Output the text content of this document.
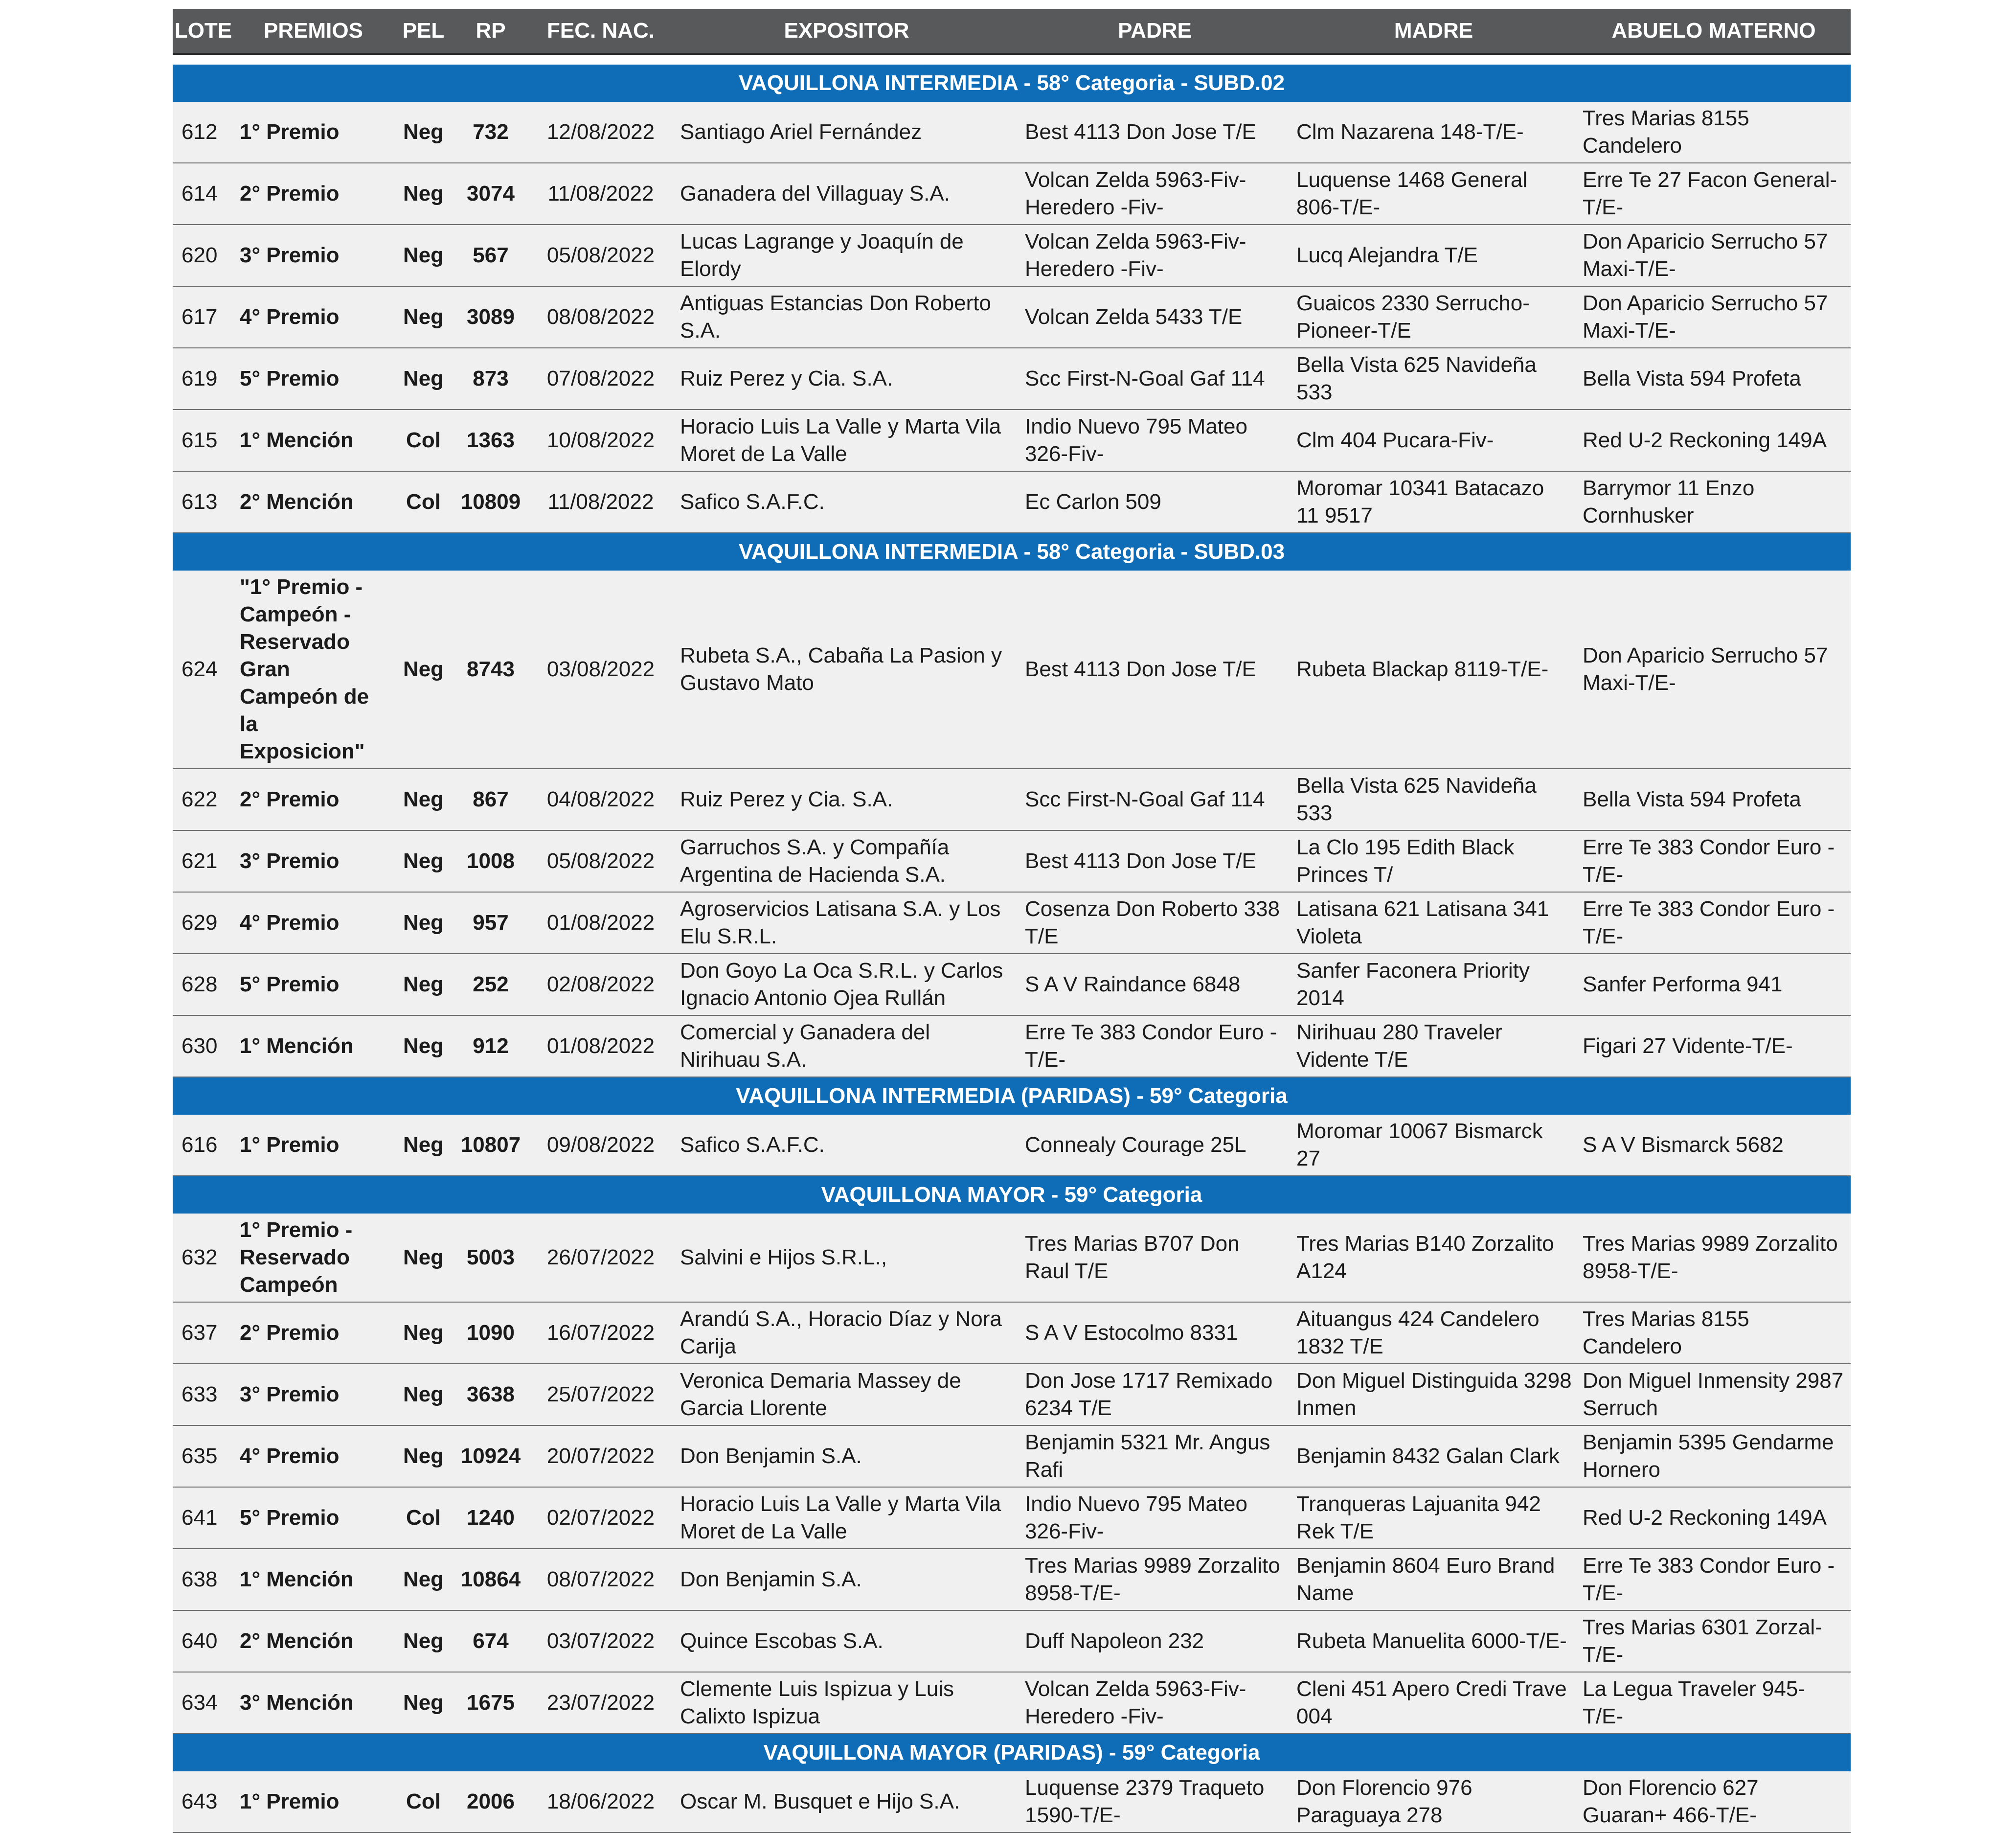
LOTE	PREMIOS	PEL	RP	FEC. NAC.	EXPOSITOR	PADRE	MADRE	ABUELO MATERNO

VAQUILLONA INTERMEDIA - 58° Categoria - SUBD.02								
612	1° Premio	Neg	732	12/08/2022	Santiago Ariel Fernández	Best 4113 Don Jose T/E	Clm Nazarena 148-T/E-	Tres Marias 8155 Candelero
614	2° Premio	Neg	3074	11/08/2022	Ganadera del Villaguay S.A.	Volcan Zelda 5963-Fiv-Heredero -Fiv-	Luquense 1468 General 806-T/E-	Erre Te 27 Facon General-T/E-
620	3° Premio	Neg	567	05/08/2022	Lucas Lagrange y Joaquín de Elordy	Volcan Zelda 5963-Fiv-Heredero -Fiv-	Lucq Alejandra T/E	Don Aparicio Serrucho 57 Maxi-T/E-
617	4° Premio	Neg	3089	08/08/2022	Antiguas Estancias Don Roberto S.A.	Volcan Zelda 5433 T/E	Guaicos 2330 Serrucho-Pioneer-T/E	Don Aparicio Serrucho 57 Maxi-T/E-
619	5° Premio	Neg	873	07/08/2022	Ruiz Perez y Cia. S.A.	Scc First-N-Goal Gaf 114	Bella Vista 625 Navideña 533	Bella Vista 594 Profeta
615	1° Mención	Col	1363	10/08/2022	Horacio Luis La Valle y Marta Vila Moret de La Valle	Indio Nuevo 795 Mateo 326-Fiv-	Clm 404 Pucara-Fiv-	Red U-2 Reckoning 149A
613	2° Mención	Col	10809	11/08/2022	Safico S.A.F.C.	Ec Carlon 509	Moromar 10341 Batacazo 11 9517	Barrymor 11 Enzo Cornhusker
VAQUILLONA INTERMEDIA - 58° Categoria - SUBD.03								
624	"1° Premio - Campeón - Reservado Gran Campeón de la Exposicion"	Neg	8743	03/08/2022	Rubeta S.A., Cabaña La Pasion y Gustavo Mato	Best 4113 Don Jose T/E	Rubeta Blackap 8119-T/E-	Don Aparicio Serrucho 57 Maxi-T/E-
622	2° Premio	Neg	867	04/08/2022	Ruiz Perez y Cia. S.A.	Scc First-N-Goal Gaf 114	Bella Vista 625 Navideña 533	Bella Vista 594 Profeta
621	3° Premio	Neg	1008	05/08/2022	Garruchos S.A. y Compañía Argentina de Hacienda S.A.	Best 4113 Don Jose T/E	La Clo 195 Edith Black Princes T/	Erre Te 383 Condor Euro -T/E-
629	4° Premio	Neg	957	01/08/2022	Agroservicios Latisana S.A. y Los Elu S.R.L.	Cosenza Don Roberto 338 T/E	Latisana 621 Latisana 341 Violeta	Erre Te 383 Condor Euro -T/E-
628	5° Premio	Neg	252	02/08/2022	Don Goyo La Oca S.R.L. y Carlos Ignacio Antonio Ojea Rullán	S A V Raindance 6848	Sanfer Faconera Priority 2014	Sanfer Performa 941
630	1° Mención	Neg	912	01/08/2022	Comercial y Ganadera del Nirihuau S.A.	Erre Te 383 Condor Euro -T/E-	Nirihuau 280 Traveler Vidente T/E	Figari 27 Vidente-T/E-
VAQUILLONA INTERMEDIA (PARIDAS) - 59° Categoria								
616	1° Premio	Neg	10807	09/08/2022	Safico S.A.F.C.	Connealy Courage 25L	Moromar 10067 Bismarck 27	S A V Bismarck 5682
VAQUILLONA MAYOR - 59° Categoria								
632	1° Premio - Reservado Campeón	Neg	5003	26/07/2022	Salvini e Hijos S.R.L.,	Tres Marias B707 Don Raul T/E	Tres Marias B140 Zorzalito A124	Tres Marias 9989 Zorzalito 8958-T/E-
637	2° Premio	Neg	1090	16/07/2022	Arandú S.A., Horacio Díaz y Nora Carija	S A V Estocolmo 8331	Aituangus 424 Candelero 1832 T/E	Tres Marias 8155 Candelero
633	3° Premio	Neg	3638	25/07/2022	Veronica Demaria Massey de Garcia Llorente	Don Jose 1717 Remixado 6234 T/E	Don Miguel Distinguida 3298 Inmen	Don Miguel Inmensity 2987 Serruch
635	4° Premio	Neg	10924	20/07/2022	Don Benjamin S.A.	Benjamin 5321 Mr. Angus Rafi	Benjamin 8432 Galan Clark	Benjamin 5395 Gendarme Hornero
641	5° Premio	Col	1240	02/07/2022	Horacio Luis La Valle y Marta Vila Moret de La Valle	Indio Nuevo 795 Mateo 326-Fiv-	Tranqueras Lajuanita 942 Rek T/E	Red U-2 Reckoning 149A
638	1° Mención	Neg	10864	08/07/2022	Don Benjamin S.A.	Tres Marias 9989 Zorzalito 8958-T/E-	Benjamin 8604 Euro Brand Name	Erre Te 383 Condor Euro -T/E-
640	2° Mención	Neg	674	03/07/2022	Quince Escobas S.A.	Duff Napoleon 232	Rubeta Manuelita 6000-T/E-	Tres Marias 6301 Zorzal-T/E-
634	3° Mención	Neg	1675	23/07/2022	Clemente Luis Ispizua y Luis Calixto Ispizua	Volcan Zelda 5963-Fiv-Heredero -Fiv-	Cleni 451 Apero Credi Trave 004	La Legua Traveler 945-T/E-
VAQUILLONA MAYOR (PARIDAS) - 59° Categoria								
643	1° Premio	Col	2006	18/06/2022	Oscar M. Busquet e Hijo S.A.	Luquense 2379 Traqueto 1590-T/E-	Don Florencio 976 Paraguaya 278	Don Florencio 627 Guaran+ 466-T/E-
